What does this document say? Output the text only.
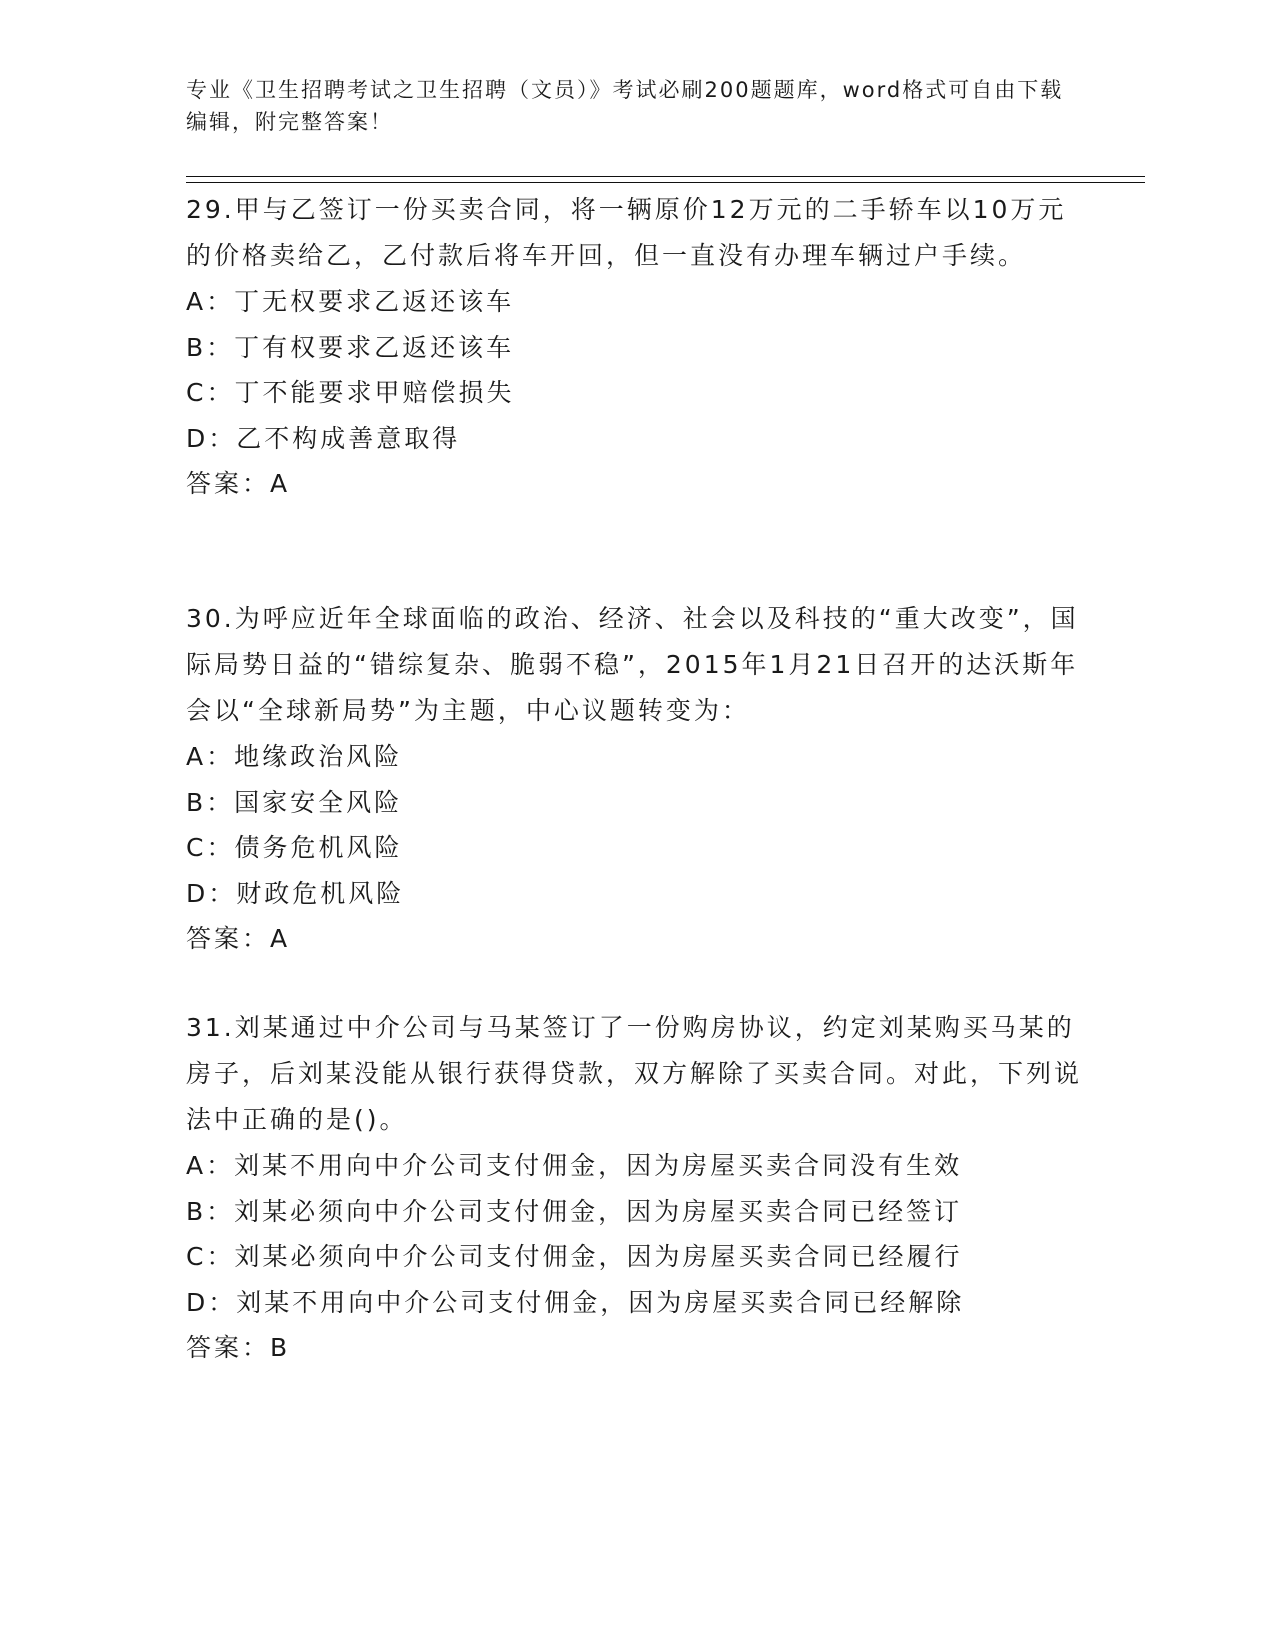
专业《卫生招聘考试之卫生招聘（文员）》考试必刷200题题库，word格式可自由下载编辑，附完整答案！

29.甲与乙签订一份买卖合同，将一辆原价12万元的二手轿车以10万元的价格卖给乙，乙付款后将车开回，但一直没有办理车辆过户手续。

A：丁无权要求乙返还该车

B：丁有权要求乙返还该车

C：丁不能要求甲赔偿损失

D：乙不构成善意取得

答案：A

30.为呼应近年全球面临的政治、经济、社会以及科技的“重大改变”，国际局势日益的“错综复杂、脆弱不稳”，2015年1月21日召开的达沃斯年会以“全球新局势”为主题，中心议题转变为：

A：地缘政治风险

B：国家安全风险

C：债务危机风险

D：财政危机风险

答案：A

31.刘某通过中介公司与马某签订了一份购房协议，约定刘某购买马某的房子，后刘某没能从银行获得贷款，双方解除了买卖合同。对此，下列说法中正确的是()。

A：刘某不用向中介公司支付佣金，因为房屋买卖合同没有生效

B：刘某必须向中介公司支付佣金，因为房屋买卖合同已经签订

C：刘某必须向中介公司支付佣金，因为房屋买卖合同已经履行

D：刘某不用向中介公司支付佣金，因为房屋买卖合同已经解除

答案：B
